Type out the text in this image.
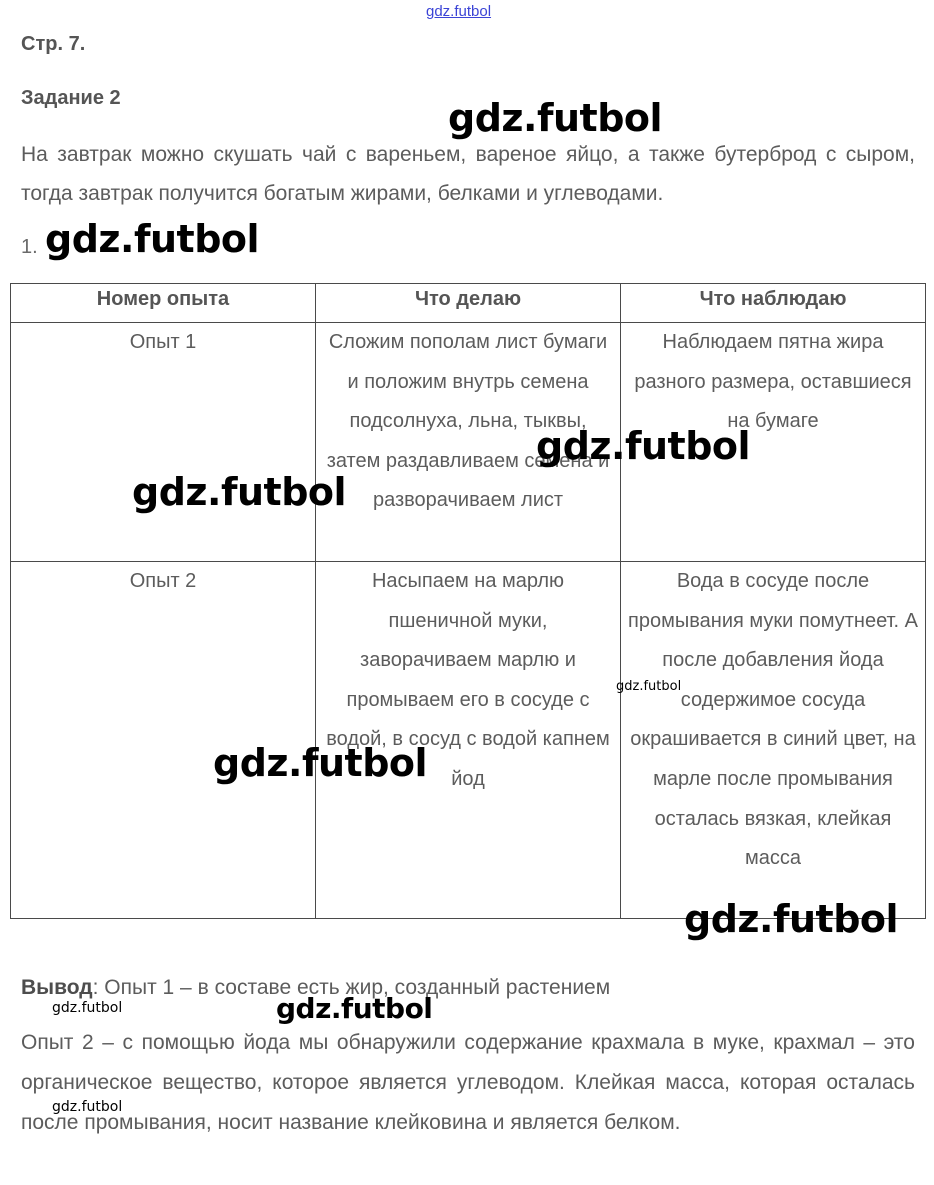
gdz.futbol
Стр. 7.
Задание 2
На завтрак можно скушать чай с вареньем, вареное яйцо, а также бутерброд с сыром, тогда завтрак получится богатым жирами, белками и углеводами.
1.
Номер опыта	Что делаю	Что наблюдаю
Опыт 1	Сложим пополам лист бумаги и положим внутрь семена подсолнуха, льна, тыквы, затем раздавливаем семена и разворачиваем лист	Наблюдаем пятна жира разного размера, оставшиеся на бумаге
Опыт 2	Насыпаем на марлю пшеничной муки, заворачиваем марлю и промываем его в сосуде с водой, в сосуд с водой капнем йод	Вода в сосуде после промывания муки помутнеет. А после добавления йода содержимое сосуда окрашивается в синий цвет, на марле после промывания осталась вязкая, клейкая масса
Вывод: Опыт 1 – в составе есть жир, созданный растением
Опыт 2 – с помощью йода мы обнаружили содержание крахмала в муке, крахмал – это органическое вещество, которое является углеводом. Клейкая масса, которая осталась после промывания, носит название клейковина и является белком.
gdz.futbol
gdz.futbol
gdz.futbol
gdz.futbol
gdz.futbol
gdz.futbol
gdz.futbol
gdz.futbol
gdz.futbol
gdz.futbol
